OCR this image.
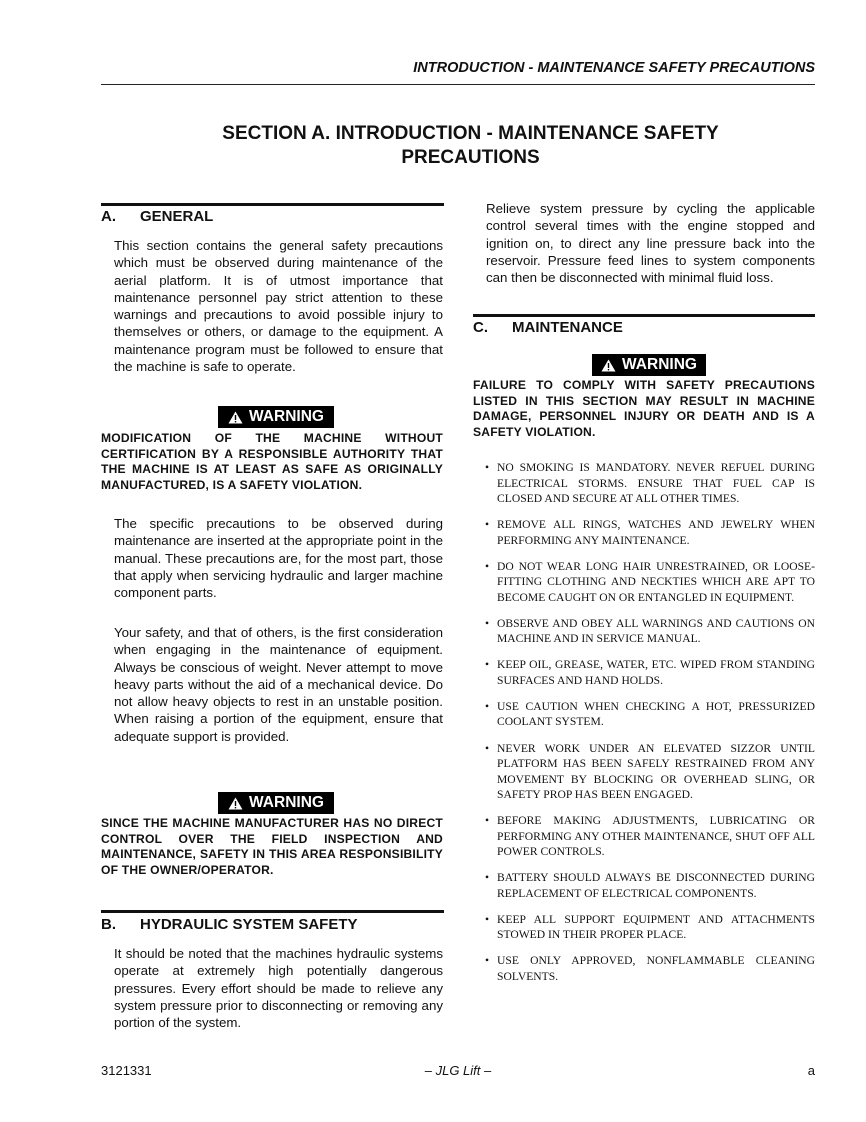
INTRODUCTION - MAINTENANCE SAFETY PRECAUTIONS
SECTION A. INTRODUCTION - MAINTENANCE SAFETY
PRECAUTIONS
A. GENERAL
This section contains the general safety precautions which must be observed during maintenance of the aerial platform. It is of utmost importance that maintenance personnel pay strict attention to these warnings and precautions to avoid possible injury to themselves or others, or damage to the equipment. A maintenance program must be followed to ensure that the machine is safe to operate.
WARNING
MODIFICATION OF THE MACHINE WITHOUT CERTIFICATION BY A RESPONSIBLE AUTHORITY THAT THE MACHINE IS AT LEAST AS SAFE AS ORIGINALLY MANUFACTURED, IS A SAFETY VIOLATION.
The specific precautions to be observed during maintenance are inserted at the appropriate point in the manual. These precautions are, for the most part, those that apply when servicing hydraulic and larger machine component parts.
Your safety, and that of others, is the first consideration when engaging in the maintenance of equipment. Always be conscious of weight. Never attempt to move heavy parts without the aid of a mechanical device. Do not allow heavy objects to rest in an unstable position. When raising a portion of the equipment, ensure that adequate support is provided.
WARNING
SINCE THE MACHINE MANUFACTURER HAS NO DIRECT CONTROL OVER THE FIELD INSPECTION AND MAINTENANCE, SAFETY IN THIS AREA RESPONSIBILITY OF THE OWNER/OPERATOR.
B. HYDRAULIC SYSTEM SAFETY
It should be noted that the machines hydraulic systems operate at extremely high potentially dangerous pressures. Every effort should be made to relieve any system pressure prior to disconnecting or removing any portion of the system.
Relieve system pressure by cycling the applicable control several times with the engine stopped and ignition on, to direct any line pressure back into the reservoir. Pressure feed lines to system components can then be disconnected with minimal fluid loss.
C. MAINTENANCE
WARNING
FAILURE TO COMPLY WITH SAFETY PRECAUTIONS LISTED IN THIS SECTION MAY RESULT IN MACHINE DAMAGE, PERSONNEL INJURY OR DEATH AND IS A SAFETY VIOLATION.
• NO SMOKING IS MANDATORY. NEVER REFUEL DURING ELECTRICAL STORMS. ENSURE THAT FUEL CAP IS CLOSED AND SECURE AT ALL OTHER TIMES.
• REMOVE ALL RINGS, WATCHES AND JEWELRY WHEN PERFORMING ANY MAINTENANCE.
• DO NOT WEAR LONG HAIR UNRESTRAINED, OR LOOSE-FITTING CLOTHING AND NECKTIES WHICH ARE APT TO BECOME CAUGHT ON OR ENTANGLED IN EQUIPMENT.
• OBSERVE AND OBEY ALL WARNINGS AND CAUTIONS ON MACHINE AND IN SERVICE MANUAL.
• KEEP OIL, GREASE, WATER, ETC. WIPED FROM STANDING SURFACES AND HAND HOLDS.
• USE CAUTION WHEN CHECKING A HOT, PRESSURIZED COOLANT SYSTEM.
• NEVER WORK UNDER AN ELEVATED SIZZOR UNTIL PLATFORM HAS BEEN SAFELY RESTRAINED FROM ANY MOVEMENT BY BLOCKING OR OVERHEAD SLING, OR SAFETY PROP HAS BEEN ENGAGED.
• BEFORE MAKING ADJUSTMENTS, LUBRICATING OR PERFORMING ANY OTHER MAINTENANCE, SHUT OFF ALL POWER CONTROLS.
• BATTERY SHOULD ALWAYS BE DISCONNECTED DURING REPLACEMENT OF ELECTRICAL COMPONENTS.
• KEEP ALL SUPPORT EQUIPMENT AND ATTACHMENTS STOWED IN THEIR PROPER PLACE.
• USE ONLY APPROVED, NONFLAMMABLE CLEANING SOLVENTS.
3121331	– JLG Lift –	a
